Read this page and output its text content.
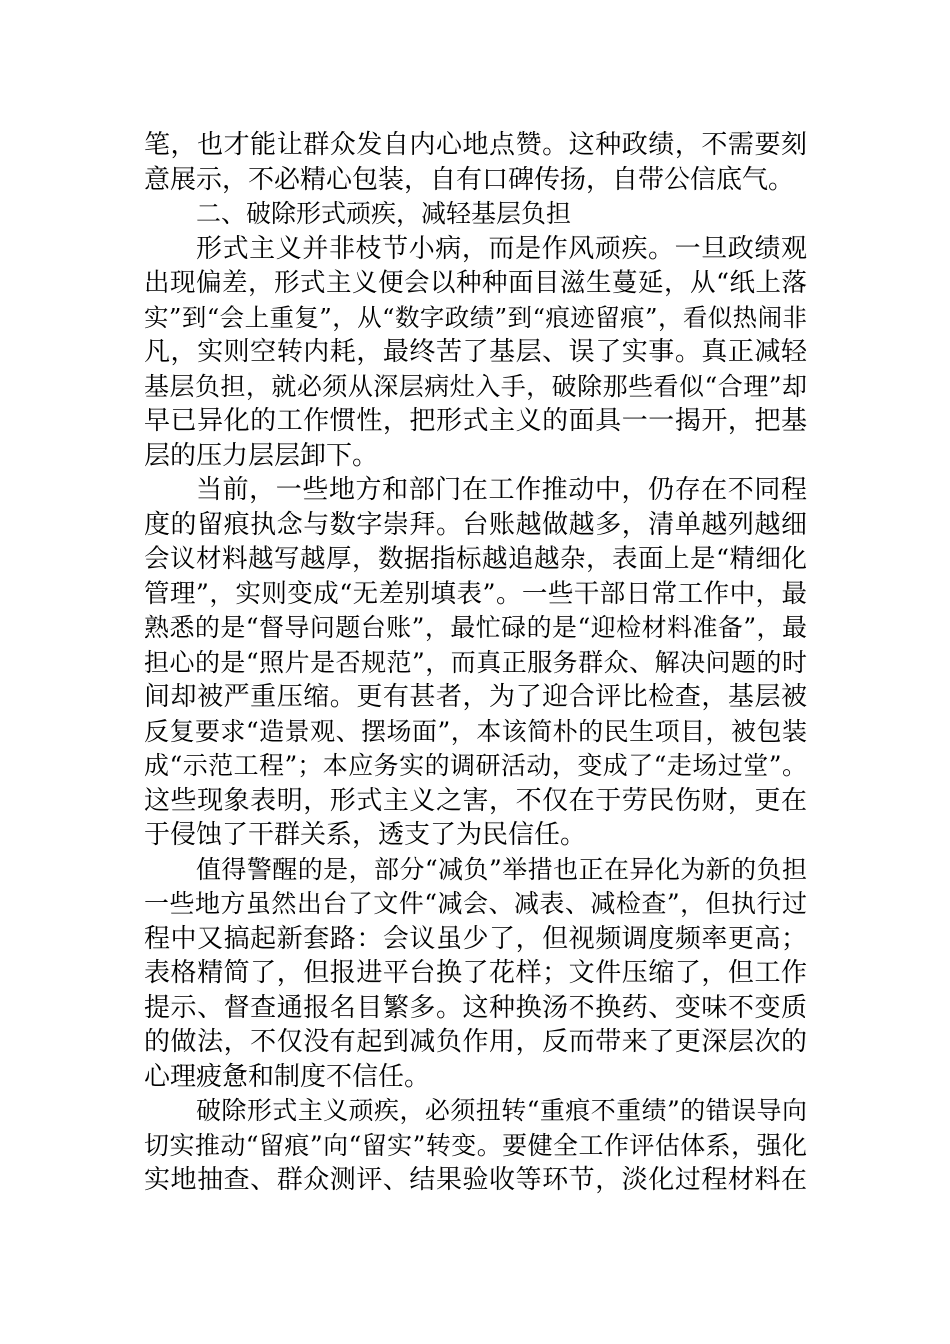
笔，也才能让群众发自内心地点赞。这种政绩，不需要刻
意展示，不必精心包装，自有口碑传扬，自带公信底气。
二、破除形式顽疾，减轻基层负担
形式主义并非枝节小病，而是作风顽疾。一旦政绩观
出现偏差，形式主义便会以种种面目滋生蔓延，从“纸上落
实”到“会上重复”，从“数字政绩”到“痕迹留痕”，看似热闹非
凡，实则空转内耗，最终苦了基层、误了实事。真正减轻
基层负担，就必须从深层病灶入手，破除那些看似“合理”却
早已异化的工作惯性，把形式主义的面具一一揭开，把基
层的压力层层卸下。
当前，一些地方和部门在工作推动中，仍存在不同程
度的留痕执念与数字崇拜。台账越做越多，清单越列越细
会议材料越写越厚，数据指标越追越杂，表面上是“精细化
管理”，实则变成“无差别填表”。一些干部日常工作中，最
熟悉的是“督导问题台账”，最忙碌的是“迎检材料准备”，最
担心的是“照片是否规范”，而真正服务群众、解决问题的时
间却被严重压缩。更有甚者，为了迎合评比检查，基层被
反复要求“造景观、摆场面”，本该简朴的民生项目，被包装
成“示范工程”；本应务实的调研活动，变成了“走场过堂”。
这些现象表明，形式主义之害，不仅在于劳民伤财，更在
于侵蚀了干群关系，透支了为民信任。
值得警醒的是，部分“减负”举措也正在异化为新的负担
一些地方虽然出台了文件“减会、减表、减检查”，但执行过
程中又搞起新套路：会议虽少了，但视频调度频率更高；
表格精简了，但报进平台换了花样；文件压缩了，但工作
提示、督查通报名目繁多。这种换汤不换药、变味不变质
的做法，不仅没有起到减负作用，反而带来了更深层次的
心理疲惫和制度不信任。
破除形式主义顽疾，必须扭转“重痕不重绩”的错误导向
切实推动“留痕”向“留实”转变。要健全工作评估体系，强化
实地抽查、群众测评、结果验收等环节，淡化过程材料在
